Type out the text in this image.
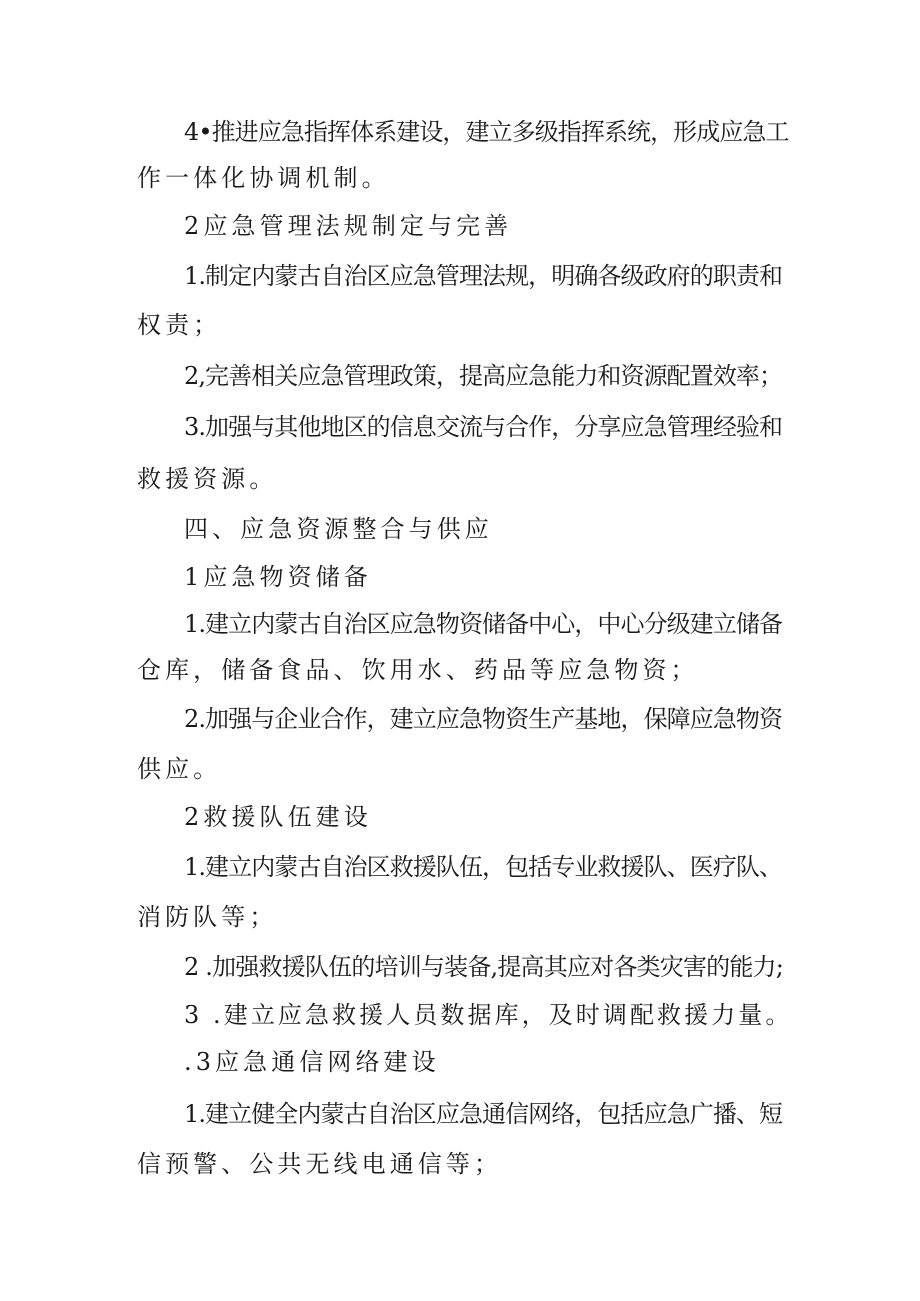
4•推进应急指挥体系建设，建立多级指挥系统，形成应急工
作一体化协调机制。
2应急管理法规制定与完善
1.制定内蒙古自治区应急管理法规，明确各级政府的职责和
权责；
2,完善相关应急管理政策，提高应急能力和资源配置效率；
3.加强与其他地区的信息交流与合作，分享应急管理经验和
救援资源。
四、应急资源整合与供应
1应急物资储备
1.建立内蒙古自治区应急物资储备中心，中心分级建立储备
仓库，储备食品、饮用水、药品等应急物资；
2.加强与企业合作，建立应急物资生产基地，保障应急物资
供应。
2救援队伍建设
1.建立内蒙古自治区救援队伍，包括专业救援队、医疗队、
消防队等；
2 .加强救援队伍的培训与装备,提高其应对各类灾害的能力;
3 .建立应急救援人员数据库，及时调配救援力量。
.3应急通信网络建设
1.建立健全内蒙古自治区应急通信网络，包括应急广播、短
信预警、公共无线电通信等；
